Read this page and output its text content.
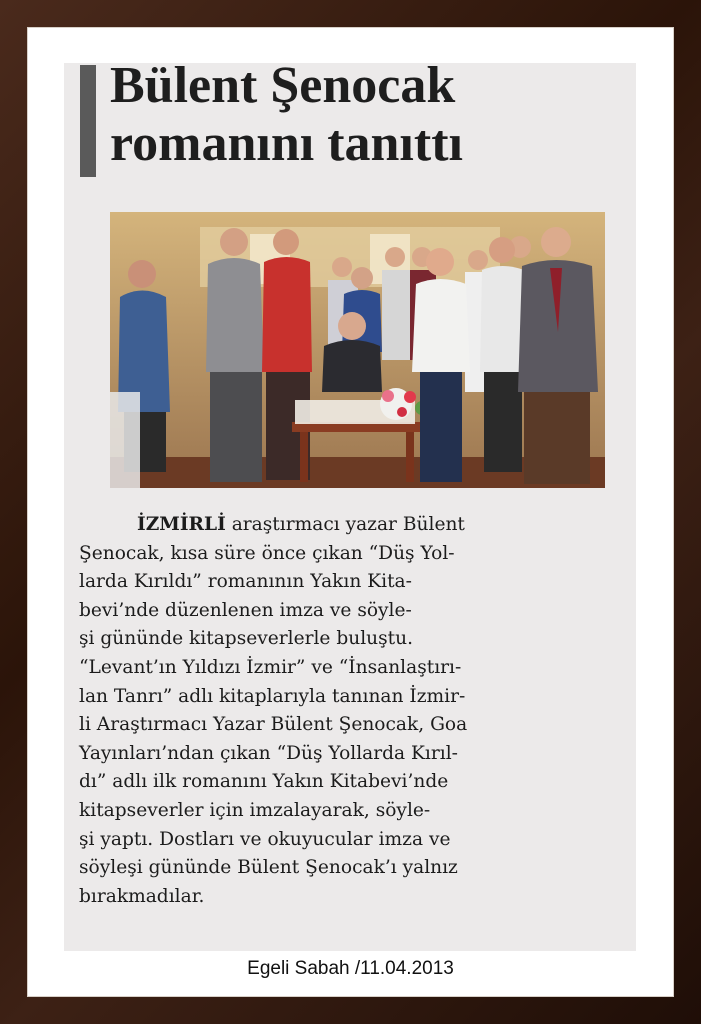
Bülent Şenocak
romanını tanıttı

İZMİRLİ araştırmacı yazar Bülent
Şenocak, kısa süre önce çıkan “Düş Yol-
larda Kırıldı” romanının Yakın Kita-
bevi’nde düzenlenen imza ve söyle-
şi gününde kitapseverlerle buluştu.
“Levant’ın Yıldızı İzmir” ve “İnsanlaştırı-
lan Tanrı” adlı kitaplarıyla tanınan İzmir-
li Araştırmacı Yazar Bülent Şenocak, Goa
Yayınları’ndan çıkan “Düş Yollarda Kırıl-
dı” adlı ilk romanını Yakın Kitabevi’nde
kitapseverler için imzalayarak, söyle-
şi yaptı. Dostları ve okuyucular imza ve
söyleşi gününde Bülent Şenocak’ı yalnız
bırakmadılar.

Egeli Sabah /11.04.2013
